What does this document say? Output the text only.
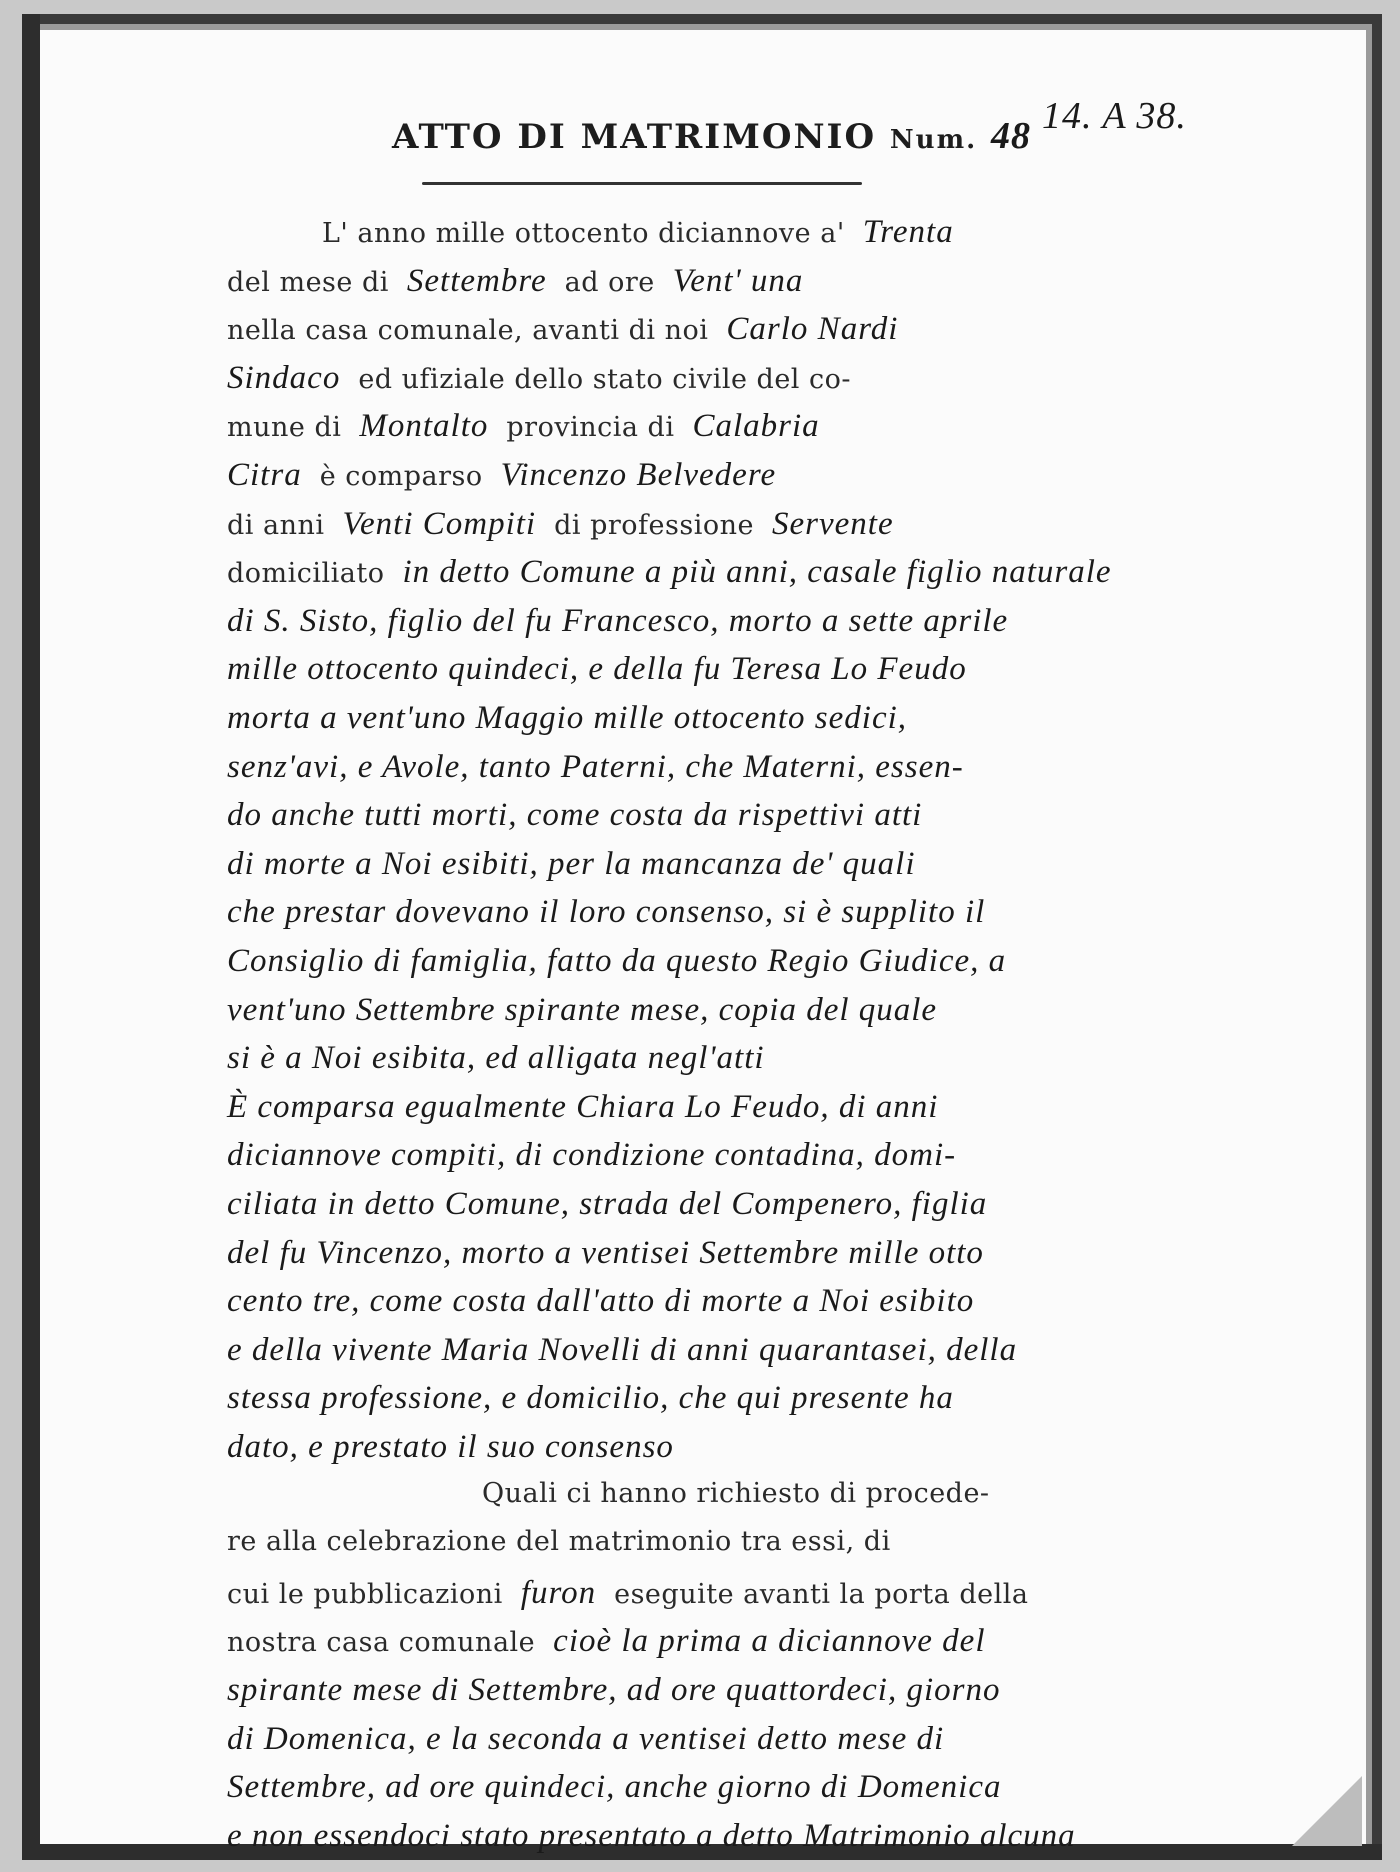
ATTO DI MATRIMONIO Num. 48 14. A 38.
L' anno mille ottocento diciannove a' Trenta
del mese di Settembre ad ore Vent' una
nella casa comunale, avanti di noi Carlo Nardi
Sindaco ed ufiziale dello stato civile del co-
mune di Montalto provincia di Calabria
Citra è comparso Vincenzo Belvedere
di anni Venti Compiti di professione Servente
domiciliato in detto Comune a più anni, casale figlio naturale
di S. Sisto, figlio del fu Francesco, morto a sette aprile
mille ottocento quindeci, e della fu Teresa Lo Feudo
morta a vent'uno Maggio mille ottocento sedici,
senz'avi, e Avole, tanto Paterni, che Materni, essen-
do anche tutti morti, come costa da rispettivi atti
di morte a Noi esibiti, per la mancanza de' quali
che prestar dovevano il loro consenso, si è supplito il
Consiglio di famiglia, fatto da questo Regio Giudice, a
vent'uno Settembre spirante mese, copia del quale
si è a Noi esibita, ed alligata negl'atti
È comparsa egualmente Chiara Lo Feudo, di anni
diciannove compiti, di condizione contadina, domi-
ciliata in detto Comune, strada del Compenero, figlia
del fu Vincenzo, morto a ventisei Settembre mille otto
cento tre, come costa dall'atto di morte a Noi esibito
e della vivente Maria Novelli di anni quarantasei, della
stessa professione, e domicilio, che qui presente ha
dato, e prestato il suo consenso
Quali ci hanno richiesto di procede-
re alla celebrazione del matrimonio tra essi, di
cui le pubblicazioni furon eseguite avanti la porta della
nostra casa comunale cioè la prima a diciannove del
spirante mese di Settembre, ad ore quattordeci, giorno
di Domenica, e la seconda a ventisei detto mese di
Settembre, ad ore quindeci, anche giorno di Domenica
e non essendoci stato presentato a detto Matrimonio alcuna
